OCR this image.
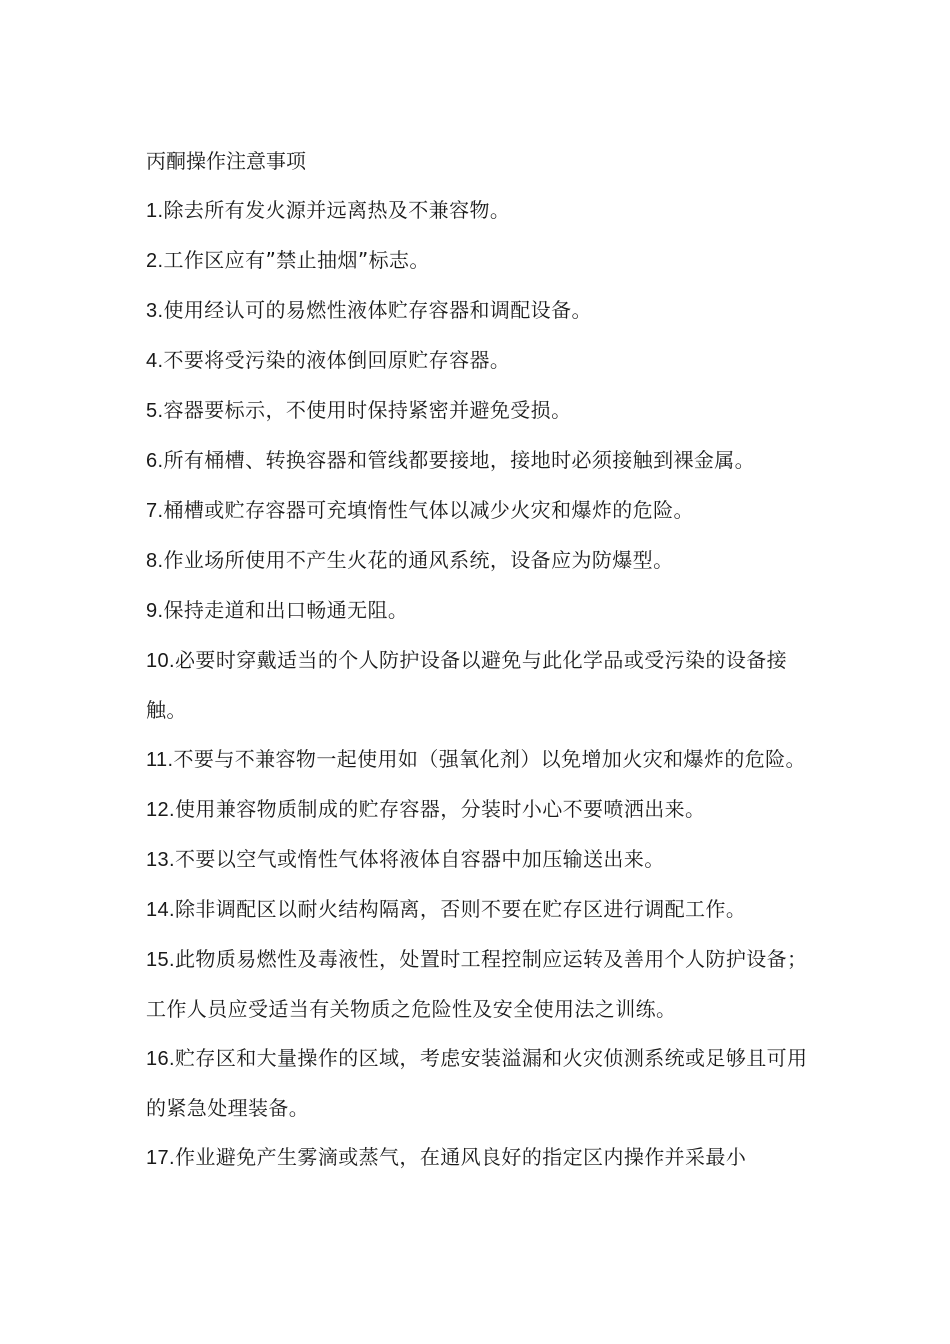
丙酮操作注意事项

1.除去所有发火源并远离热及不兼容物。

2.工作区应有”禁止抽烟”标志。

3.使用经认可的易燃性液体贮存容器和调配设备。

4.不要将受污染的液体倒回原贮存容器。

5.容器要标示，不使用时保持紧密并避免受损。

6.所有桶槽、转换容器和管线都要接地，接地时必须接触到裸金属。

7.桶槽或贮存容器可充填惰性气体以减少火灾和爆炸的危险。

8.作业场所使用不产生火花的通风系统，设备应为防爆型。

9.保持走道和出口畅通无阻。

10.必要时穿戴适当的个人防护设备以避免与此化学品或受污染的设备接触。

11.不要与不兼容物一起使用如（强氧化剂）以免增加火灾和爆炸的危险。

12.使用兼容物质制成的贮存容器，分装时小心不要喷洒出来。

13.不要以空气或惰性气体将液体自容器中加压输送出来。

14.除非调配区以耐火结构隔离，否则不要在贮存区进行调配工作。

15.此物质易燃性及毒液性，处置时工程控制应运转及善用个人防护设备；工作人员应受适当有关物质之危险性及安全使用法之训练。

16.贮存区和大量操作的区域，考虑安装溢漏和火灾侦测系统或足够且可用的紧急处理装备。

17.作业避免产生雾滴或蒸气，在通风良好的指定区内操作并采最小
